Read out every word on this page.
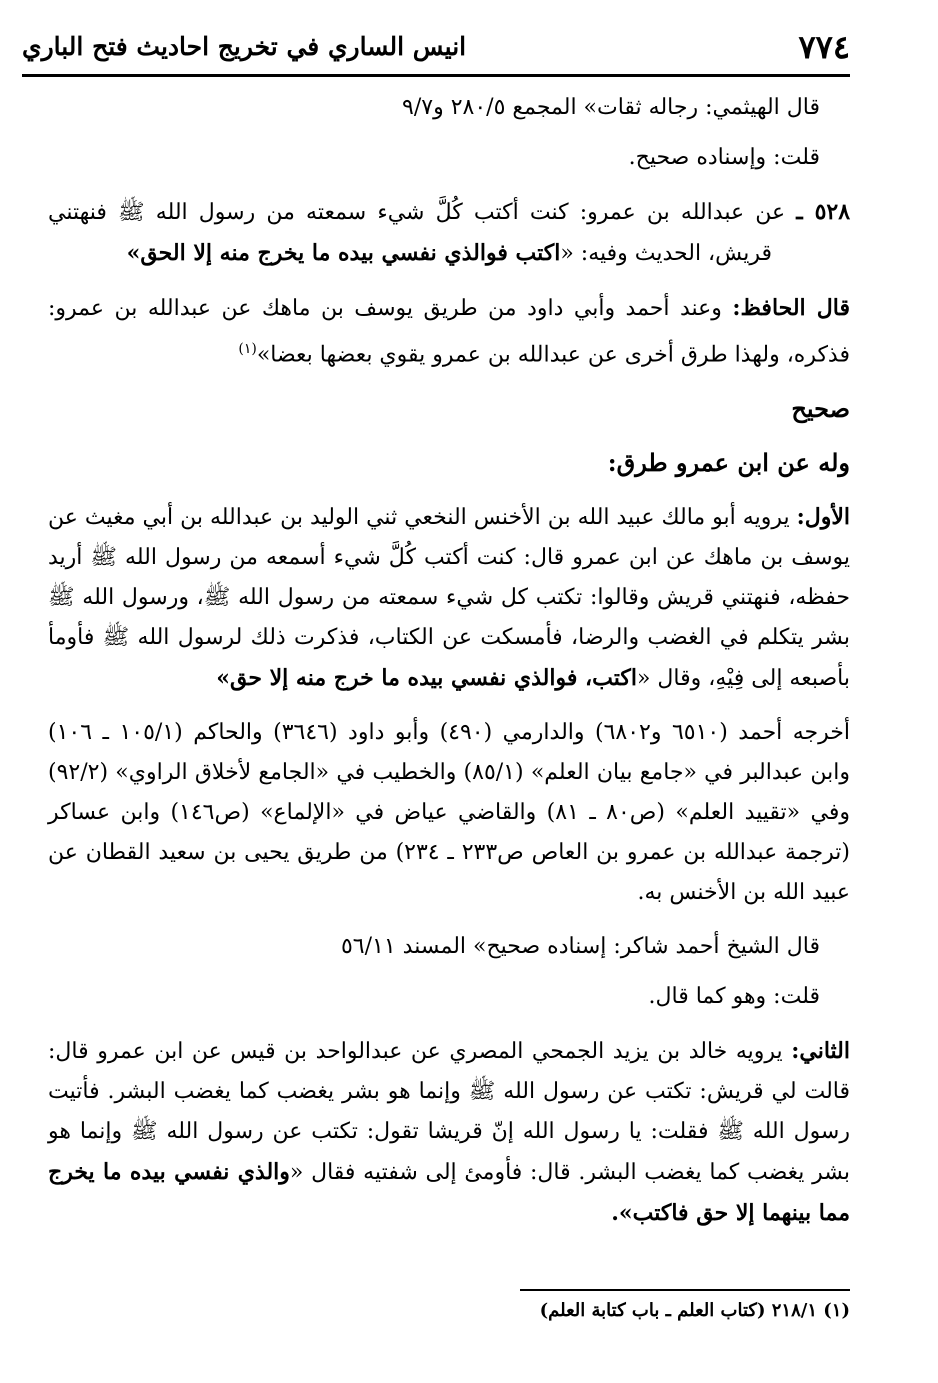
٧٧٤
انيس الساري في تخريج احاديث فتح الباري

قال الهيثمي: رجاله ثقات» المجمع ٢٨٠/٥ و٩/٧

قلت: وإسناده صحيح.

٥٢٨ ـ عن عبدالله بن عمرو: كنت أكتب كُلَّ شيء سمعته من رسول الله ﷺ فنهتني قريش، الحديث وفيه: «اكتب فوالذي نفسي بيده ما يخرج منه إلا الحق»

قال الحافظ: وعند أحمد وأبي داود من طريق يوسف بن ماهك عن عبدالله بن عمرو: فذكره، ولهذا طرق أخرى عن عبدالله بن عمرو يقوي بعضها بعضا»$^{(١)}$

صحيح
وله عن ابن عمرو طرق:

الأول: يرويه أبو مالك عبيد الله بن الأخنس النخعي ثني الوليد بن عبدالله بن أبي مغيث عن يوسف بن ماهك عن ابن عمرو قال: كنت أكتب كُلَّ شيء أسمعه من رسول الله ﷺ أريد حفظه، فنهتني قريش وقالوا: تكتب كل شيء سمعته من رسول الله ﷺ، ورسول الله ﷺ بشر يتكلم في الغضب والرضا، فأمسكت عن الكتاب، فذكرت ذلك لرسول الله ﷺ فأومأ بأصبعه إلى فِيْهِ، وقال «اكتب، فوالذي نفسي بيده ما خرج منه إلا حق»

أخرجه أحمد (٦٥١٠ و٦٨٠٢) والدارمي (٤٩٠) وأبو داود (٣٦٤٦) والحاكم (١٠٥/١ ـ ١٠٦) وابن عبدالبر في «جامع بيان العلم» (٨٥/١) والخطيب في «الجامع لأخلاق الراوي» (٩٢/٢) وفي «تقييد العلم» (ص٨٠ ـ ٨١) والقاضي عياض في «الإلماع» (ص١٤٦) وابن عساكر (ترجمة عبدالله بن عمرو بن العاص ص٢٣٣ ـ ٢٣٤) من طريق يحيى بن سعيد القطان عن عبيد الله بن الأخنس به.

قال الشيخ أحمد شاكر: إسناده صحيح» المسند ٥٦/١١

قلت: وهو كما قال.

الثاني: يرويه خالد بن يزيد الجمحي المصري عن عبدالواحد بن قيس عن ابن عمرو قال: قالت لي قريش: تكتب عن رسول الله ﷺ وإنما هو بشر يغضب كما يغضب البشر. فأتيت رسول الله ﷺ فقلت: يا رسول الله إنّ قريشا تقول: تكتب عن رسول الله ﷺ وإنما هو بشر يغضب كما يغضب البشر. قال: فأومئ إلى شفتيه فقال «والذي نفسي بيده ما يخرج مما بينهما إلا حق فاكتب».

(١) ٢١٨/١ (كتاب العلم ـ باب كتابة العلم)
